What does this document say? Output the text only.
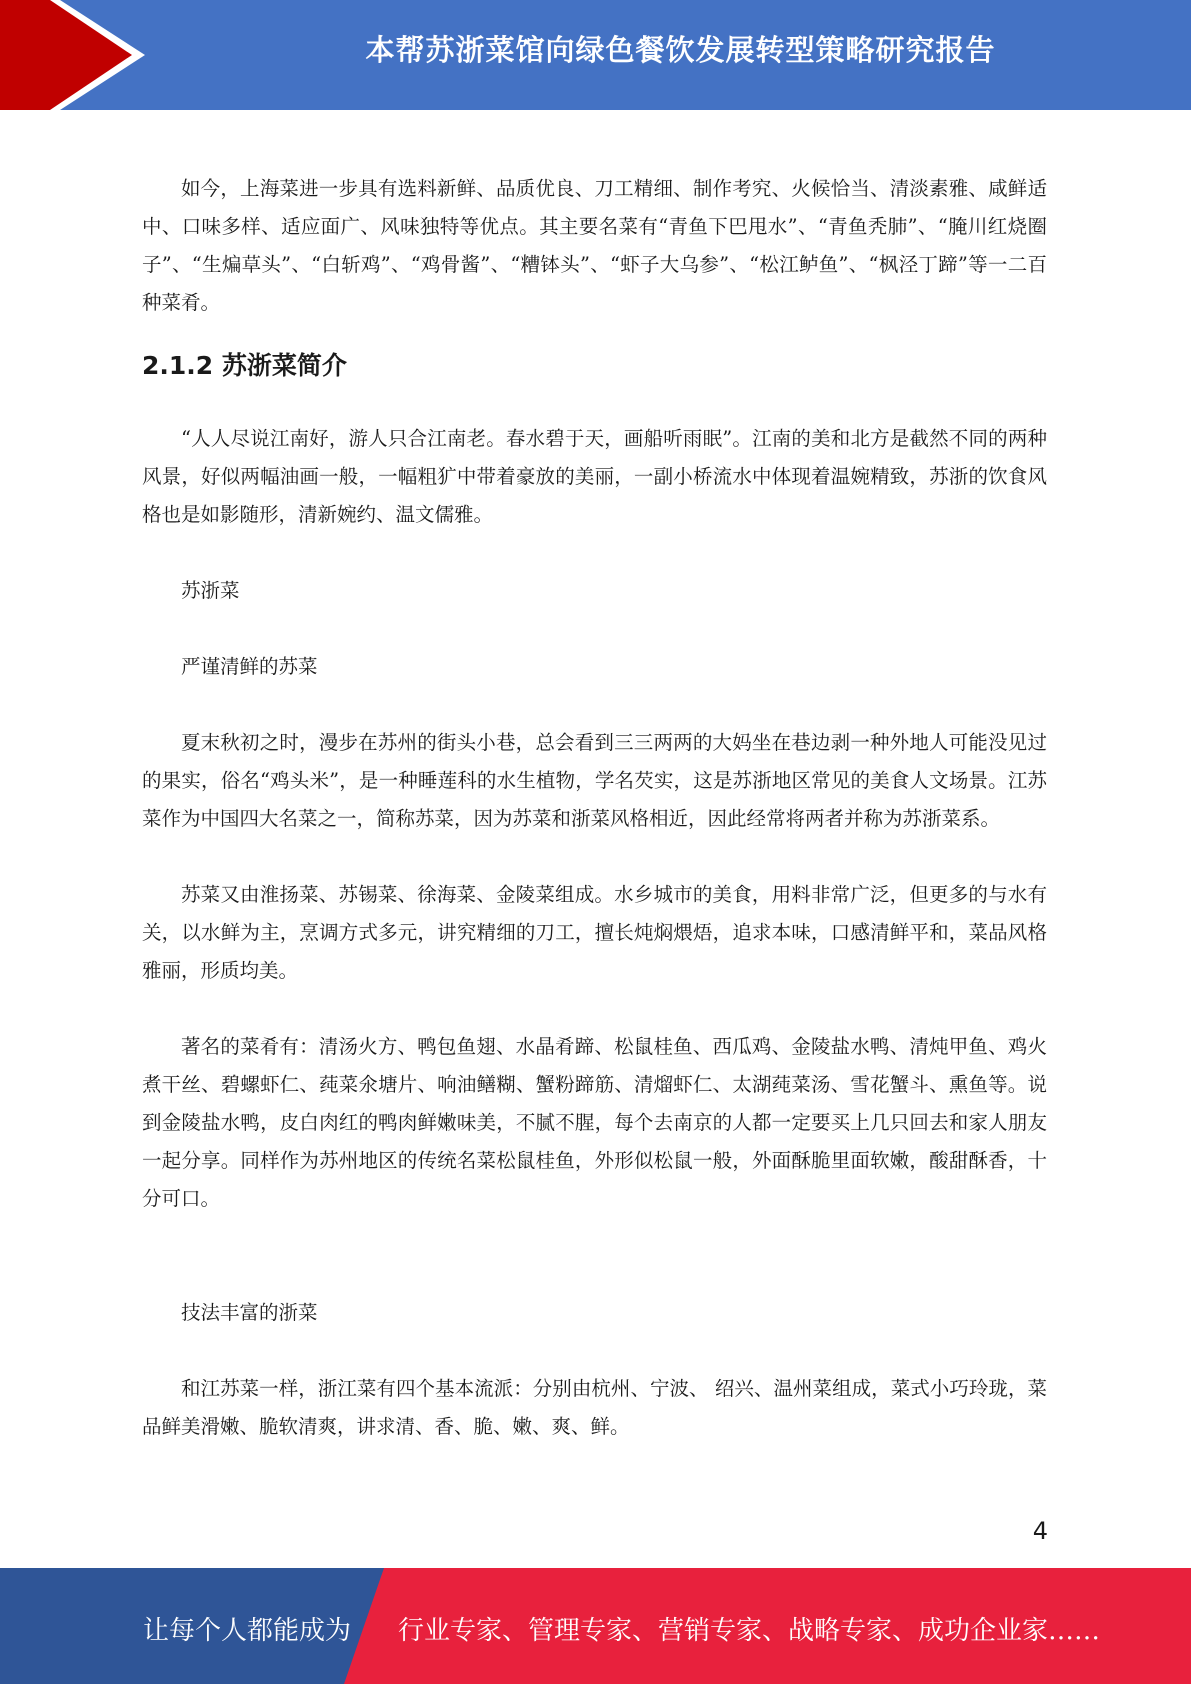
本帮苏浙菜馆向绿色餐饮发展转型策略研究报告

如今，上海菜进一步具有选料新鲜、品质优良、刀工精细、制作考究、火候恰当、清淡素雅、咸鲜适中、口味多样、适应面广、风味独特等优点。其主要名菜有“青鱼下巴甩水”、“青鱼秃肺”、“腌川红烧圈子”、“生煸草头”、“白斩鸡”、“鸡骨酱”、“糟钵头”、“虾子大乌参”、“松江鲈鱼”、“枫泾丁蹄”等一二百种菜肴。

2.1.2 苏浙菜简介

“人人尽说江南好，游人只合江南老。春水碧于天，画船听雨眠”。江南的美和北方是截然不同的两种风景，好似两幅油画一般，一幅粗犷中带着豪放的美丽，一副小桥流水中体现着温婉精致，苏浙的饮食风格也是如影随形，清新婉约、温文儒雅。

苏浙菜

严谨清鲜的苏菜

夏末秋初之时，漫步在苏州的街头小巷，总会看到三三两两的大妈坐在巷边剥一种外地人可能没见过的果实，俗名“鸡头米”，是一种睡莲科的水生植物，学名芡实，这是苏浙地区常见的美食人文场景。江苏菜作为中国四大名菜之一，简称苏菜，因为苏菜和浙菜风格相近，因此经常将两者并称为苏浙菜系。

苏菜又由淮扬菜、苏锡菜、徐海菜、金陵菜组成。水乡城市的美食，用料非常广泛，但更多的与水有关，以水鲜为主，烹调方式多元，讲究精细的刀工，擅长炖焖煨焐，追求本味，口感清鲜平和，菜品风格雅丽，形质均美。

著名的菜肴有：清汤火方、鸭包鱼翅、水晶肴蹄、松鼠桂鱼、西瓜鸡、金陵盐水鸭、清炖甲鱼、鸡火煮干丝、碧螺虾仁、莼菜氽塘片、响油鳝糊、蟹粉蹄筋、清熘虾仁、太湖莼菜汤、雪花蟹斗、熏鱼等。说到金陵盐水鸭，皮白肉红的鸭肉鲜嫩味美，不腻不腥，每个去南京的人都一定要买上几只回去和家人朋友一起分享。同样作为苏州地区的传统名菜松鼠桂鱼，外形似松鼠一般，外面酥脆里面软嫩，酸甜酥香，十分可口。

技法丰富的浙菜

和江苏菜一样，浙江菜有四个基本流派：分别由杭州、宁波、 绍兴、温州菜组成，菜式小巧玲珑，菜品鲜美滑嫩、脆软清爽，讲求清、香、脆、嫩、爽、鲜。

4
让每个人都能成为 行业专家、管理专家、营销专家、战略专家、成功企业家……
